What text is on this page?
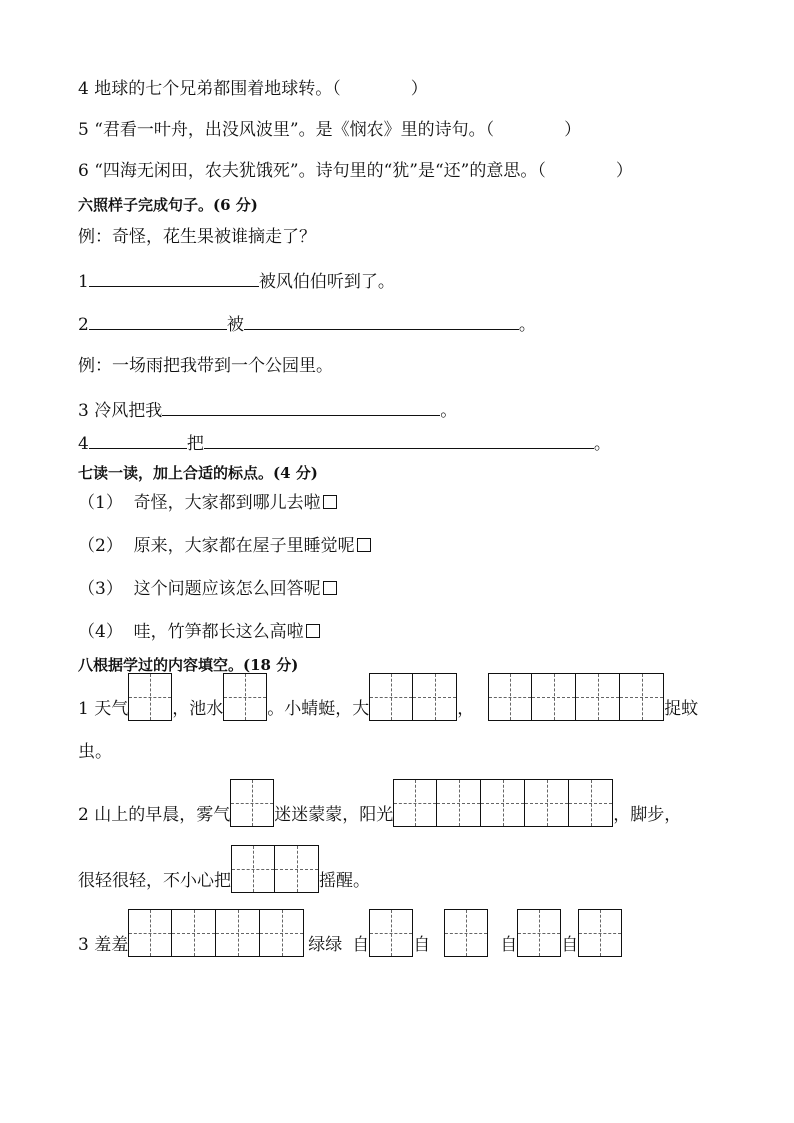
4 地球的七个兄弟都围着地球转。（	）
5 “君看一叶舟，出没风波里”。是《悯农》里的诗句。（	）
6 “四海无闲田，农夫犹饿死”。诗句里的“犹”是“还”的意思。（	）
六照样子完成句子。(6 分)
例：奇怪，花生果被谁摘走了？
1	被风伯伯听到了。
2	被	。
例：一场雨把我带到一个公园里。
3 冷风把我	。
4	把	。
七读一读，加上合适的标点。(4 分)
（1） 奇怪，大家都到哪儿去啦
（2） 原来，大家都在屋子里睡觉呢
（3） 这个问题应该怎么回答呢
（4） 哇，竹笋都长这么高啦
八根据学过的内容填空。(18 分)
1 天气	，池水	。小蜻蜓，大	，	捉蚊
虫。
2 山上的早晨，雾气	迷迷蒙蒙，阳光	，脚步，
很轻很轻，不小心把	摇醒。
3 羞羞	绿绿 自	自	自	自
